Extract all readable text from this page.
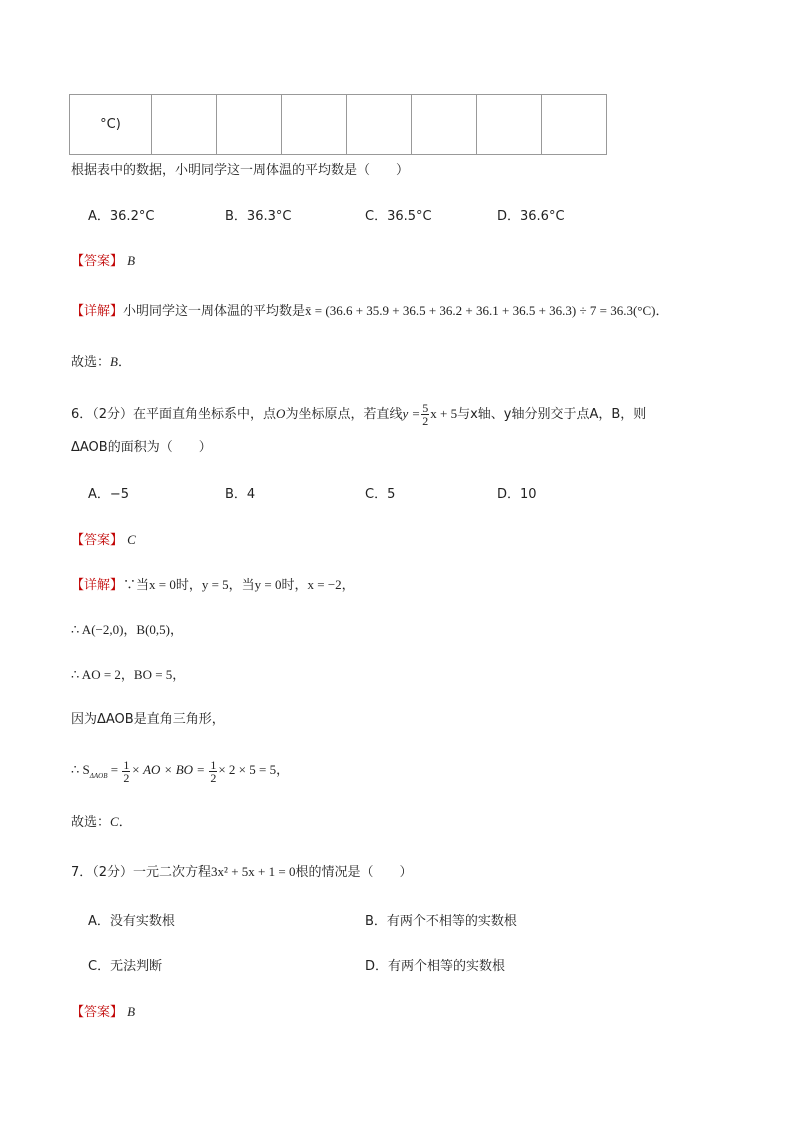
°C)							
根据表中的数据，小明同学这一周体温的平均数是（　　）
A．36.2°C	B．36.3°C	C．36.5°C	D．36.6°C
【答案】 B
【详解】小明同学这一周体温的平均数是x̄ = (36.6 + 35.9 + 36.5 + 36.2 + 36.1 + 36.5 + 36.3) ÷ 7 = 36.3(°C)．
故选：B．
6．（2分）在平面直角坐标系中，点O为坐标原点，若直线$y = \frac{5}{2}$ x + 5与x轴、y轴分别交于点A，B，则
ΔAOB的面积为（　　）
A．−5	B．4	C．5	D．10
【答案】 C
【详解】∵当x = 0时，y = 5，当y = 0时，x = −2，
∴ A(−2,0)，B(0,5)，
∴ AO = 2，BO = 5，
因为ΔAOB是直角三角形，
∴ $S_{\Delta AOB} = \frac{1}{2}$ × AO × BO = $\frac{1}{2} \times 2 \times 5 = 5$，
故选：C．
7．（2分）一元二次方程3x² + 5x + 1 = 0根的情况是（　　）
A．没有实数根	B．有两个不相等的实数根
C．无法判断	D．有两个相等的实数根
【答案】 B
